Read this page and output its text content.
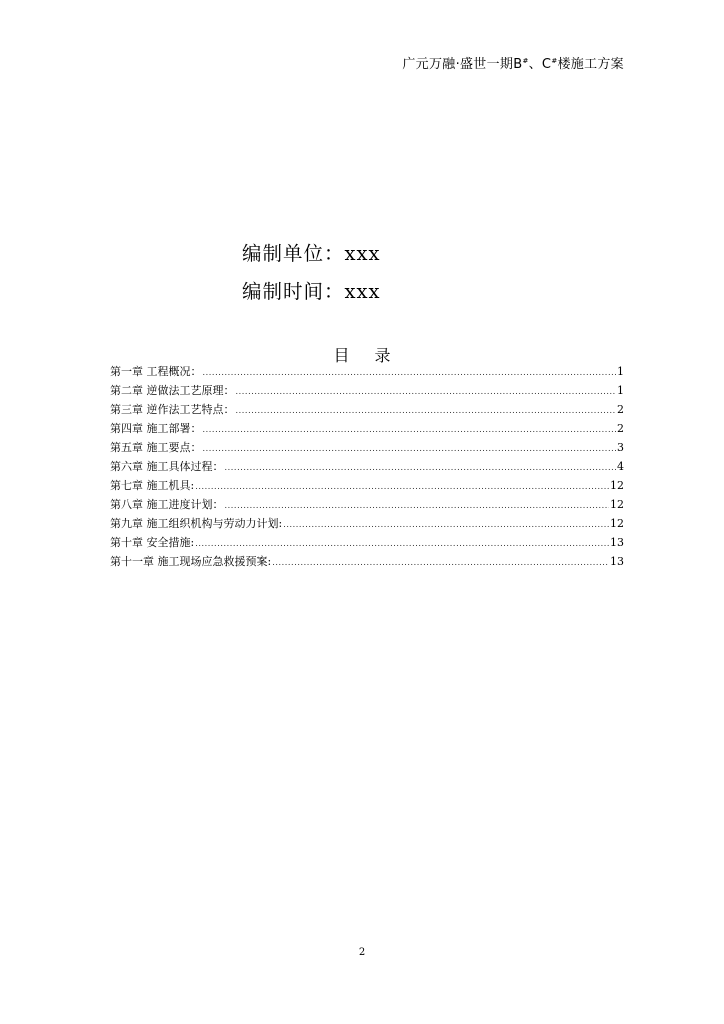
广元万融·盛世一期B#、C#楼施工方案
编制单位：xxx
编制时间：xxx
目 录
第一章 工程概况： .....	1
第二章 逆做法工艺原理： .....	1
第三章 逆作法工艺特点： .....	2
第四章 施工部署： .....	2
第五章 施工要点： .....	3
第六章 施工具体过程： .....	4
第七章 施工机具: .....	12
第八章 施工进度计划： .....	12
第九章 施工组织机构与劳动力计划: .....	12
第十章 安全措施: .....	13
第十一章 施工现场应急救援预案: .....	13
2
